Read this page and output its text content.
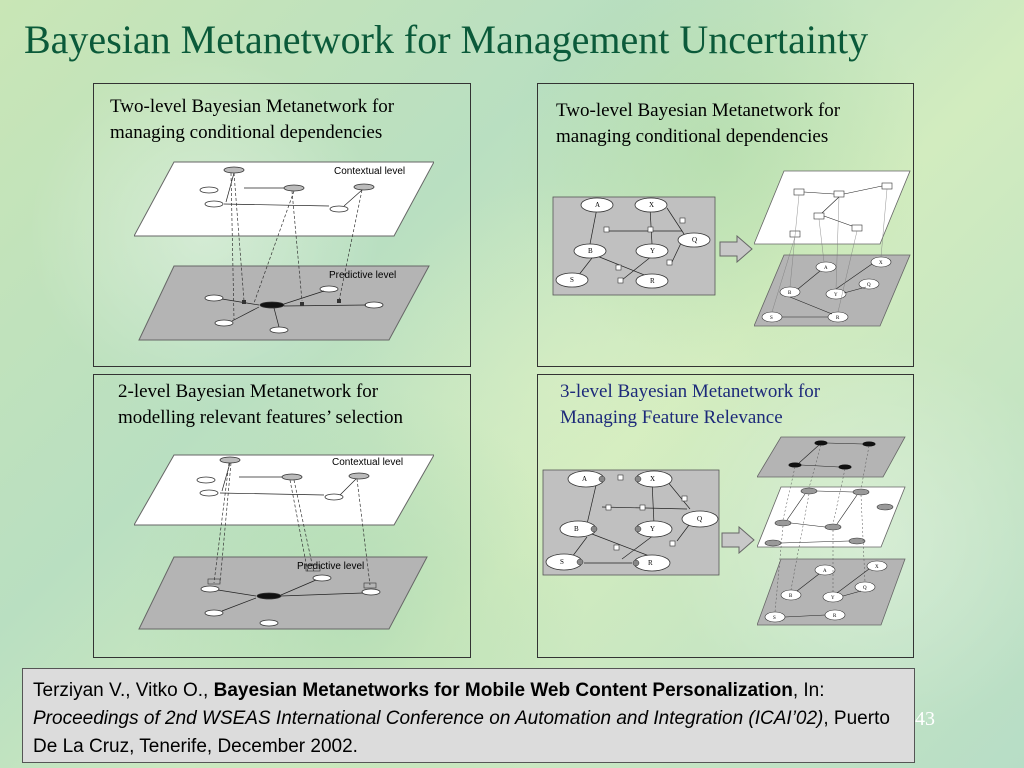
Bayesian Metanetwork for Management Uncertainty

Two-level Bayesian Metanetwork for
managing conditional dependencies

Contextual level
Predictive level

Two-level Bayesian Metanetwork for
managing conditional dependencies

A	X
Q
B	Y
S	R
A
X
Q
B	Y
S	R

2-level Bayesian Metanetwork for
modelling relevant features’ selection

Contextual level
Predictive level

3-level Bayesian Metanetwork for
Managing Feature Relevance

A	X
Q
B	Y
S	R
A
X
Q
B	Y
S	R
Terziyan V., Vitko O., Bayesian Metanetworks for Mobile Web Content Personalization, In: Proceedings of 2nd WSEAS International Conference on Automation and Integration (ICAI’02), Puerto De La Cruz, Tenerife, December 2002.
43
